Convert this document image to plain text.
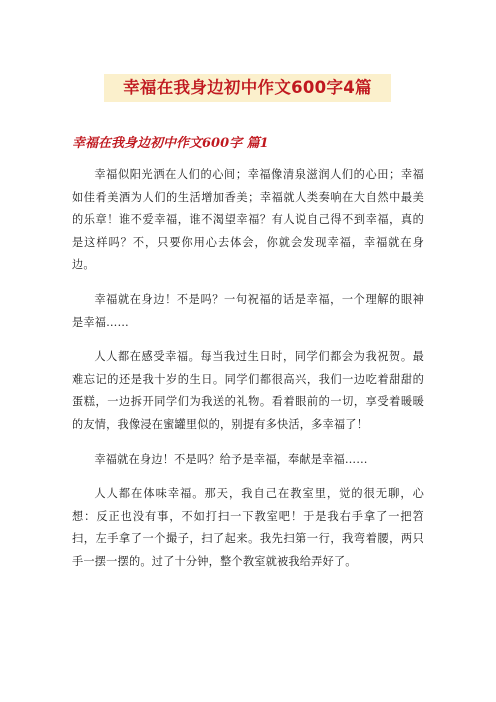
幸福在我身边初中作文600字4篇
幸福在我身边初中作文600字 篇1

幸福似阳光洒在人们的心间；幸福像清泉滋润人们的心田；幸福如佳肴美酒为人们的生活增加香美；幸福就人类奏响在大自然中最美的乐章！谁不爱幸福，谁不渴望幸福？有人说自己得不到幸福，真的是这样吗？不，只要你用心去体会，你就会发现幸福，幸福就在身边。

幸福就在身边！不是吗？一句祝福的话是幸福，一个理解的眼神是幸福……

人人都在感受幸福。每当我过生日时，同学们都会为我祝贺。最难忘记的还是我十岁的生日。同学们都很高兴，我们一边吃着甜甜的蛋糕，一边拆开同学们为我送的礼物。看着眼前的一切，享受着暖暖的友情，我像浸在蜜罐里似的，别提有多快活，多幸福了！

幸福就在身边！不是吗？给予是幸福，奉献是幸福……

人人都在体味幸福。那天，我自己在教室里，觉的很无聊，心想：反正也没有事，不如打扫一下教室吧！于是我右手拿了一把笤扫，左手拿了一个撮子，扫了起来。我先扫第一行，我弯着腰，两只手一摆一摆的。过了十分钟，整个教室就被我给弄好了。
